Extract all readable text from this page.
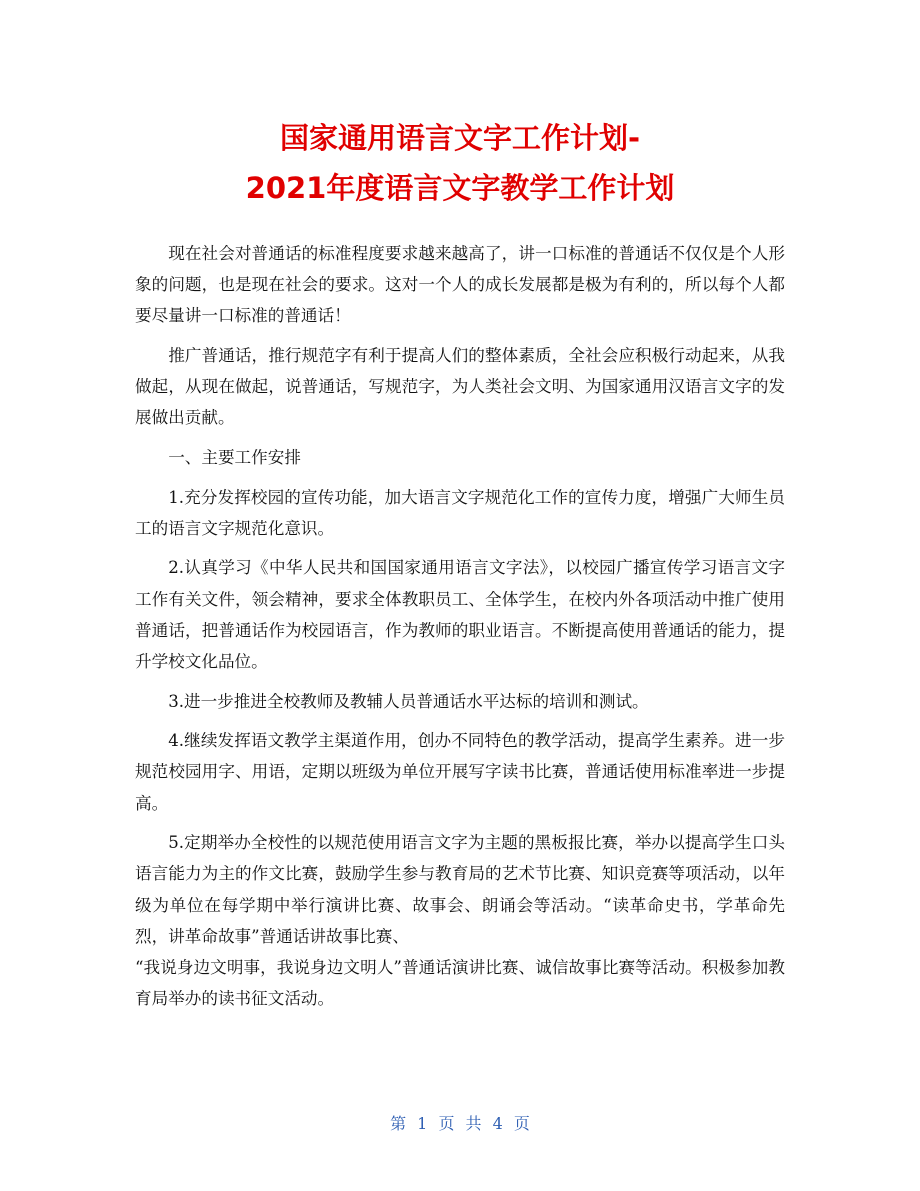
国家通用语言文字工作计划-
2021年度语言文字教学工作计划

现在社会对普通话的标准程度要求越来越高了，讲一口标准的普通话不仅仅是个人形象的问题，也是现在社会的要求。这对一个人的成长发展都是极为有利的，所以每个人都要尽量讲一口标准的普通话！

推广普通话，推行规范字有利于提高人们的整体素质，全社会应积极行动起来，从我做起，从现在做起，说普通话，写规范字，为人类社会文明、为国家通用汉语言文字的发展做出贡献。

一、主要工作安排

1.充分发挥校园的宣传功能，加大语言文字规范化工作的宣传力度，增强广大师生员工的语言文字规范化意识。

2.认真学习《中华人民共和国国家通用语言文字法》，以校园广播宣传学习语言文字工作有关文件，领会精神，要求全体教职员工、全体学生，在校内外各项活动中推广使用普通话，把普通话作为校园语言，作为教师的职业语言。不断提高使用普通话的能力，提升学校文化品位。

3.进一步推进全校教师及教辅人员普通话水平达标的培训和测试。

4.继续发挥语文教学主渠道作用，创办不同特色的教学活动，提高学生素养。进一步规范校园用字、用语，定期以班级为单位开展写字读书比赛，普通话使用标准率进一步提高。

5.定期举办全校性的以规范使用语言文字为主题的黑板报比赛，举办以提高学生口头语言能力为主的作文比赛，鼓励学生参与教育局的艺术节比赛、知识竞赛等项活动，以年级为单位在每学期中举行演讲比赛、故事会、朗诵会等活动。“读革命史书，学革命先烈，讲革命故事”普通话讲故事比赛、

“我说身边文明事，我说身边文明人”普通话演讲比赛、诚信故事比赛等活动。积极参加教育局举办的读书征文活动。

第 1 页 共 4 页
